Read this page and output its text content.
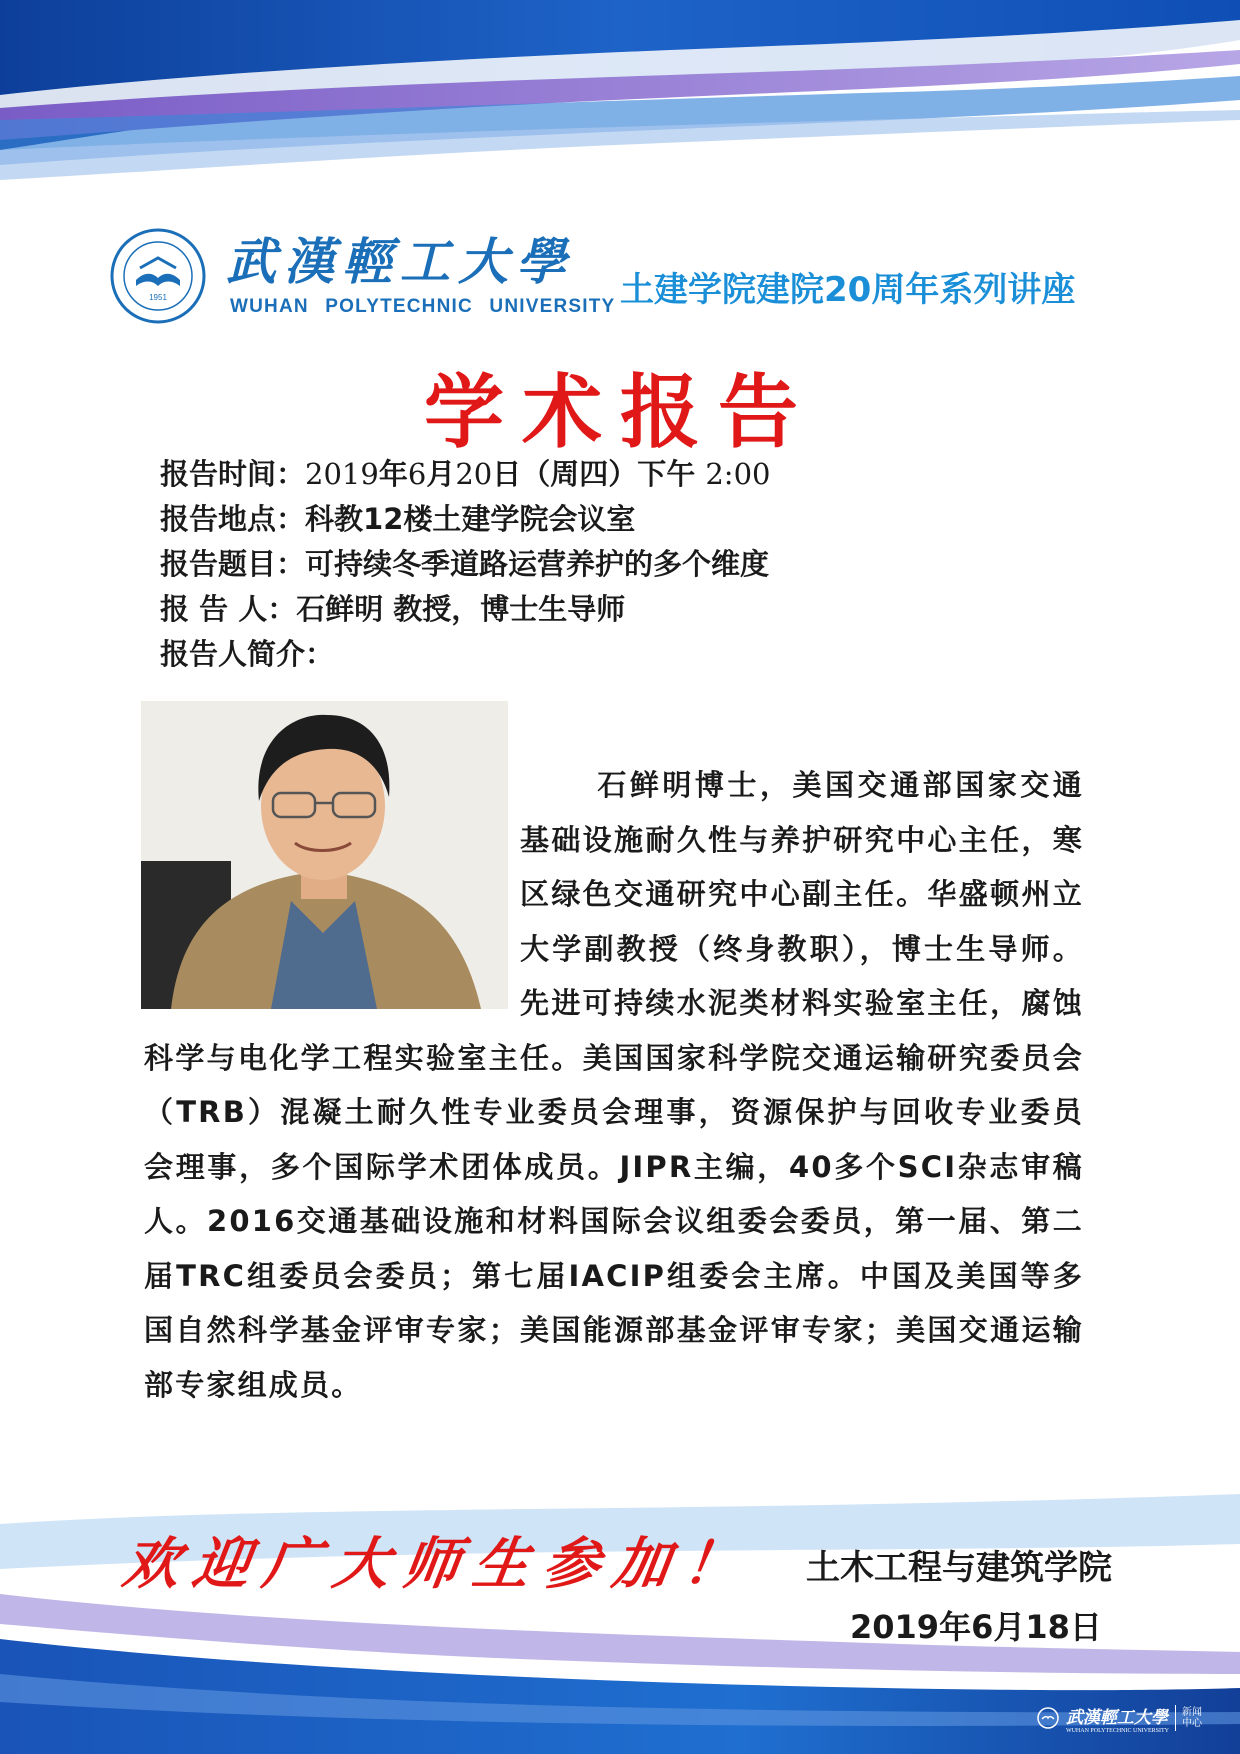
1951
武漢輕工大學
WUHAN POLYTECHNIC UNIVERSITY 土建学院建院20周年系列讲座
学术报告
报告时间：2019年6月20日（周四）下午 2:00
报告地点：科教12楼土建学院会议室
报告题目：可持续冬季道路运营养护的多个维度
报 告 人：石鲜明 教授，博士生导师
报告人简介：

石鲜明博士，美国交通部国家交通基础设施耐久性与养护研究中心主任，寒区绿色交通研究中心副主任。华盛顿州立大学副教授（终身教职），博士生导师。先进可持续水泥类材料实验室主任，腐蚀科学与电化学工程实验室主任。美国国家科学院交通运输研究委员会（TRB）混凝土耐久性专业委员会理事，资源保护与回收专业委员会理事，多个国际学术团体成员。JIPR主编，40多个SCI杂志审稿人。2016交通基础设施和材料国际会议组委会委员，第一届、第二届TRC组委员会委员；第七届IACIP组委会主席。中国及美国等多国自然科学基金评审专家；美国能源部基金评审专家；美国交通运输部专家组成员。

欢迎广大师生参加！ 土木工程与建筑学院
2019年6月18日
武漢輕工大學
WUHAN POLYTECHNIC UNIVERSITY
新闻中心
